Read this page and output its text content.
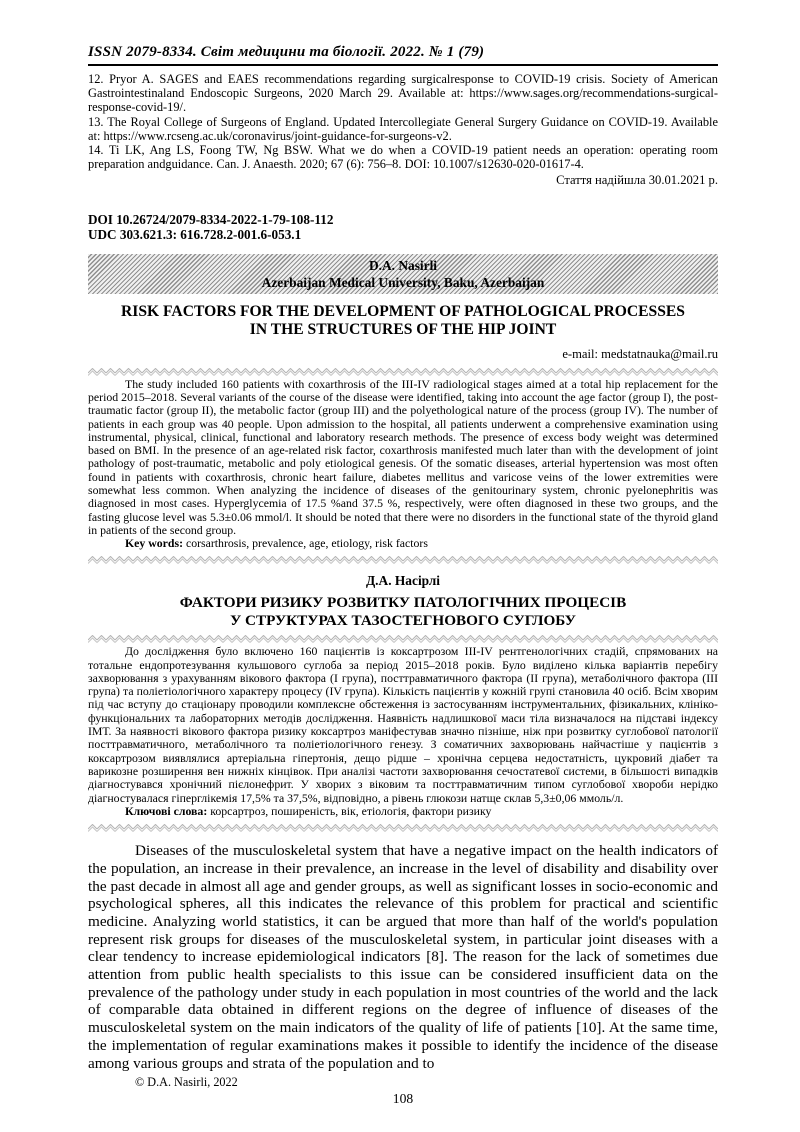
ISSN 2079-8334. Світ медицини та біології. 2022. № 1 (79)

12. Pryor A. SAGES and EAES recommendations regarding surgicalresponse to COVID-19 crisis. Society of American Gastrointestinaland Endoscopic Surgeons, 2020 March 29. Available at: https://www.sages.org/recommendations-surgical-response-covid-19/.

13. The Royal College of Surgeons of England. Updated Intercollegiate General Surgery Guidance on COVID-19. Available at: https://www.rcseng.ac.uk/coronavirus/joint-guidance-for-surgeons-v2.

14. Ti LK, Ang LS, Foong TW, Ng BSW. What we do when a COVID-19 patient needs an operation: operating room preparation andguidance. Can. J. Anaesth. 2020; 67 (6): 756–8. DOI: 10.1007/s12630-020-01617-4.

Стаття надійшла 30.01.2021 р.

DOI 10.26724/2079-8334-2022-1-79-108-112

UDC 303.621.3: 616.728.2-001.6-053.1

D.A. Nasirli
Azerbaijan Medical University, Baku, Azerbaijan
RISK FACTORS FOR THE DEVELOPMENT OF PATHOLOGICAL PROCESSES
IN THE STRUCTURES OF THE HIP JOINT

e-mail: medstatnauka@mail.ru

The study included 160 patients with coxarthrosis of the III-IV radiological stages aimed at a total hip replacement for the period 2015–2018. Several variants of the course of the disease were identified, taking into account the age factor (group I), the post-traumatic factor (group II), the metabolic factor (group III) and the polyethological nature of the process (group IV). The number of patients in each group was 40 people. Upon admission to the hospital, all patients underwent a comprehensive examination using instrumental, physical, clinical, functional and laboratory research methods. The presence of excess body weight was determined based on BMI. In the presence of an age-related risk factor, coxarthrosis manifested much later than with the development of joint pathology of post-traumatic, metabolic and poly etiological genesis. Of the somatic diseases, arterial hypertension was most often found in patients with coxarthrosis, chronic heart failure, diabetes mellitus and varicose veins of the lower extremities were somewhat less common. When analyzing the incidence of diseases of the genitourinary system, chronic pyelonephritis was diagnosed in most cases. Hyperglycemia of 17.5 %and 37.5 %, respectively, were often diagnosed in these two groups, and the fasting glucose level was 5.3±0.06 mmol/l. It should be noted that there were no disorders in the functional state of the thyroid gland in patients of the second group.

Key words: corsarthrosis, prevalence, age, etiology, risk factors

Д.А. Насірлі

ФАКТОРИ РИЗИКУ РОЗВИТКУ ПАТОЛОГІЧНИХ ПРОЦЕСІВ
У СТРУКТУРАХ ТАЗОСТЕГНОВОГО СУГЛОБУ

До дослідження було включено 160 пацієнтів із коксартрозом III-IV рентгенологічних стадій, спрямованих на тотальне ендопротезування кульшового суглоба за період 2015–2018 років. Було виділено кілька варіантів перебігу захворювання з урахуванням вікового фактора (I група), посттравматичного фактора (II група), метаболічного фактора (III група) та поліетіологічного характеру процесу (IV група). Кількість пацієнтів у кожній групі становила 40 осіб. Всім хворим під час вступу до стаціонару проводили комплексне обстеження із застосуванням інструментальних, фізикальних, клініко-функціональних та лабораторних методів дослідження. Наявність надлишкової маси тіла визначалося на підставі індексу ІМТ. За наявності вікового фактора ризику коксартроз маніфестував значно пізніше, ніж при розвитку суглобової патології посттравматичного, метаболічного та поліетіологічного генезу. З соматичних захворювань найчастіше у пацієнтів з коксартрозом виявлялися артеріальна гіпертонія, дещо рідше – хронічна серцева недостатність, цукровий діабет та варикозне розширення вен нижніх кінцівок. При аналізі частоти захворювання сечостатевої системи, в більшості випадків діагностувався хронічний пієлонефрит. У хворих з віковим та посттравматичним типом суглобової хвороби нерідко діагностувалася гіперглікемія 17,5% та 37,5%, відповідно, а рівень глюкози натще склав 5,3±0,06 ммоль/л.

Ключові слова: корсартроз, поширеність, вік, етіологія, фактори ризику

Diseases of the musculoskeletal system that have a negative impact on the health indicators of the population, an increase in their prevalence, an increase in the level of disability and disability over the past decade in almost all age and gender groups, as well as significant losses in socio-economic and psychological spheres, all this indicates the relevance of this problem for practical and scientific medicine. Analyzing world statistics, it can be argued that more than half of the world's population represent risk groups for diseases of the musculoskeletal system, in particular joint diseases with a clear tendency to increase epidemiological indicators [8]. The reason for the lack of sometimes due attention from public health specialists to this issue can be considered insufficient data on the prevalence of the pathology under study in each population in most countries of the world and the lack of comparable data obtained in different regions on the degree of influence of diseases of the musculoskeletal system on the main indicators of the quality of life of patients [10]. At the same time, the implementation of regular examinations makes it possible to identify the incidence of the disease among various groups and strata of the population and to

© D.A. Nasirli, 2022

108
